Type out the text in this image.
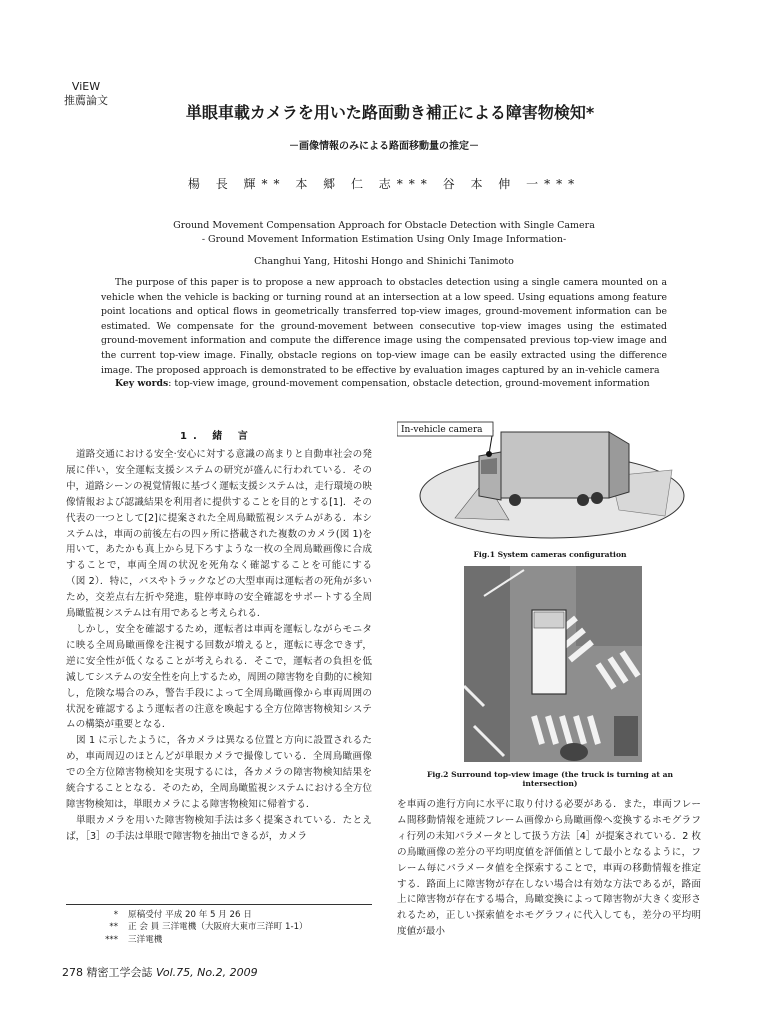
ViEW
推薦論文
単眼車載カメラを用いた路面動き補正による障害物検知*
－画像情報のみによる路面移動量の推定－
楊 長 輝** 本 郷 仁 志*** 谷 本 伸 一***
Ground Movement Compensation Approach for Obstacle Detection with Single Camera
- Ground Movement Information Estimation Using Only Image Information-
Changhui Yang, Hitoshi Hongo and Shinichi Tanimoto
The purpose of this paper is to propose a new approach to obstacles detection using a single camera mounted on a vehicle when the vehicle is backing or turning round at an intersection at a low speed. Using equations among feature point locations and optical flows in geometrically transferred top-view images, ground-movement information can be estimated. We compensate for the ground-movement between consecutive top-view images using the estimated ground-movement information and compute the difference image using the compensated previous top-view image and the current top-view image. Finally, obstacle regions on top-view image can be easily extracted using the difference image. The proposed approach is demonstrated to be effective by evaluation images captured by an in-vehicle camera
Key words: top-view image, ground-movement compensation, obstacle detection, ground-movement information
1. 緒 言

道路交通における安全·安心に対する意識の高まりと自動車社会の発展に伴い，安全運転支援システムの研究が盛んに行われている．その中，道路シーンの視覚情報に基づく運転支援システムは，走行環境の映像情報および認識結果を利用者に提供することを目的とする[1]．その代表の一つとして[2]に提案された全周鳥瞰監視システムがある．本システムは，車両の前後左右の四ヶ所に搭載された複数のカメラ(図 1)を用いて，あたかも真上から見下ろすような一枚の全周鳥瞰画像に合成することで，車両全周の状況を死角なく確認することを可能にする（図 2）．特に，バスやトラックなどの大型車両は運転者の死角が多いため，交差点右左折や発進，駐停車時の安全確認をサポートする全周鳥瞰監視システムは有用であると考えられる．

しかし，安全を確認するため，運転者は車両を運転しながらモニタに映る全周鳥瞰画像を注視する回数が増えると，運転に専念できず，逆に安全性が低くなることが考えられる．そこで，運転者の負担を低減してシステムの安全性を向上するため，周囲の障害物を自動的に検知し，危険な場合のみ，警告手段によって全周鳥瞰画像から車両周囲の状況を確認するよう運転者の注意を喚起する全方位障害物検知システムの構築が重要となる．

図 1 に示したように，各カメラは異なる位置と方向に設置されるため，車両周辺のほとんどが単眼カメラで撮像している．全周鳥瞰画像での全方位障害物検知を実現するには，各カメラの障害物検知結果を統合することとなる．そのため，全周鳥瞰監視システムにおける全方位障害物検知は，単眼カメラによる障害物検知に帰着する．

単眼カメラを用いた障害物検知手法は多く提案されている．たとえば，［3］の手法は単眼で障害物を抽出できるが，カメラ

* 原稿受付 平成 20 年 5 月 26 日
** 正 会 員 三洋電機（大阪府大東市三洋町 1-1）
*** 三洋電機
278 精密工学会誌 Vol.75, No.2, 2009
In-vehicle camera
Fig.1 System cameras configuration
Fig.2 Surround top-view image (the truck is turning at an intersection)

を車両の進行方向に水平に取り付ける必要がある．また，車両フレーム間移動情報を連続フレーム画像から鳥瞰画像へ変換するホモグラフィ行列の未知パラメータとして扱う方法［4］が提案されている．2 枚の鳥瞰画像の差分の平均明度値を評価値として最小となるように，フレーム毎にパラメータ値を全探索することで，車両の移動情報を推定する．路面上に障害物が存在しない場合は有効な方法であるが，路面上に障害物が存在する場合，鳥瞰変換によって障害物が大きく変形されるため，正しい探索値をホモグラフィに代入しても，差分の平均明度値が最小
